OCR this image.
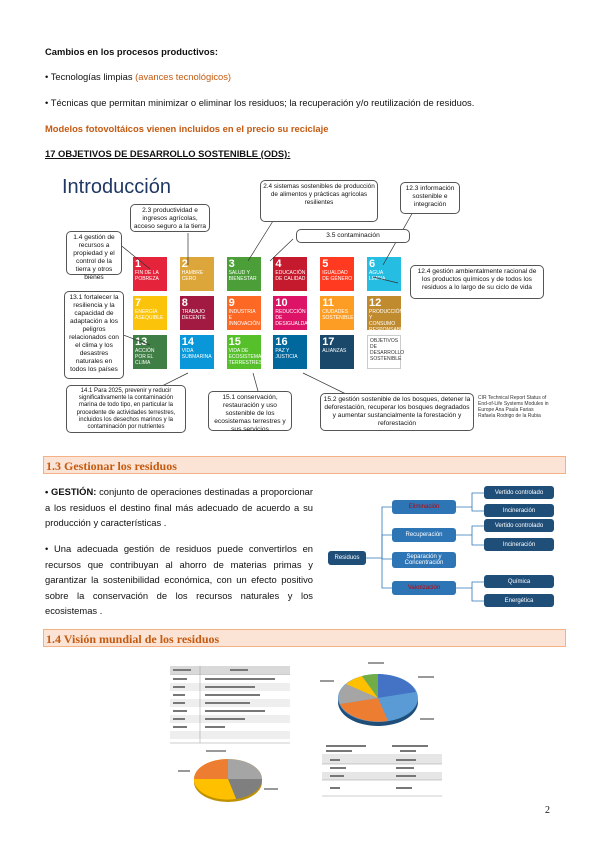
Cambios en los procesos productivos:
• Tecnologías limpias (avances tecnológicos)
• Técnicas que permitan minimizar o eliminar los residuos; la recuperación y/o reutilización de residuos.
Modelos fotovoltáicos vienen incluidos en el precio su reciclaje
17 OBJETIVOS DE DESARROLLO SOSTENIBLE (ODS):
Introducción
1
FIN DE LA POBREZA
2
HAMBRE CERO
3
SALUD Y BIENESTAR
4
EDUCACIÓN DE CALIDAD
5
IGUALDAD DE GÉNERO
6
AGUA LIMPIA
7
ENERGÍA ASEQUIBLE
8
TRABAJO DECENTE
9
INDUSTRIA E INNOVACIÓN
10
REDUCCIÓN DE DESIGUALDADES
11
CIUDADES SOSTENIBLES
12
PRODUCCIÓN Y CONSUMO RESPONSABLES
13
ACCIÓN POR EL CLIMA
14
VIDA SUBMARINA
15
VIDA DE ECOSISTEMAS TERRESTRES
16
PAZ Y JUSTICIA
17
ALIANZAS
OBJETIVOS DE DESARROLLO SOSTENIBLE
2.4 sistemas sostenibles de producción de alimentos y prácticas agrícolas resilientes
2.3 productividad e ingresos agrícolas, acceso seguro a la tierra
1.4 gestión de recursos a propiedad y el control de la tierra y otros bienes
3.5 contaminación
12.3 información sostenible e integración
12.4 gestión ambientalmente racional de los productos químicos y de todos los residuos a lo largo de su ciclo de vida
13.1 fortalecer la resiliencia y la capacidad de adaptación a los peligros relacionados con el clima y los desastres naturales en todos los países
14.1 Para 2025, prevenir y reducir significativamente la contaminación marina de todo tipo, en particular la procedente de actividades terrestres, incluidos los desechos marinos y la contaminación por nutrientes
15.1 conservación, restauración y uso sostenible de los ecosistemas terrestres y sus servicios
15.2 gestión sostenible de los bosques, detener la deforestación, recuperar los bosques degradados y aumentar sustancialmente la forestación y reforestación
CIR Technical Report Status of End-of-Life Systems Modules in Europe Ana Paula Farias Rafaela Rodrigo de la Rubia
1.3 Gestionar los residuos
• GESTIÓN: conjunto de operaciones destinadas a proporcionar a los residuos el destino final más adecuado de acuerdo a su producción y características .
• Una adecuada gestión de residuos puede convertirlos en recursos que contribuyan al ahorro de materias primas y garantizar la sostenibilidad económica, con un efecto positivo sobre la conservación de los recursos naturales y los ecosistemas .
Residuos
Eliminación
Recuperación
Separación y Concentración
Valorización
Vertido controlado
Incineración
Vertido controlado
Incineración
Química
Energética
1.4 Visión mundial de los residuos
2
